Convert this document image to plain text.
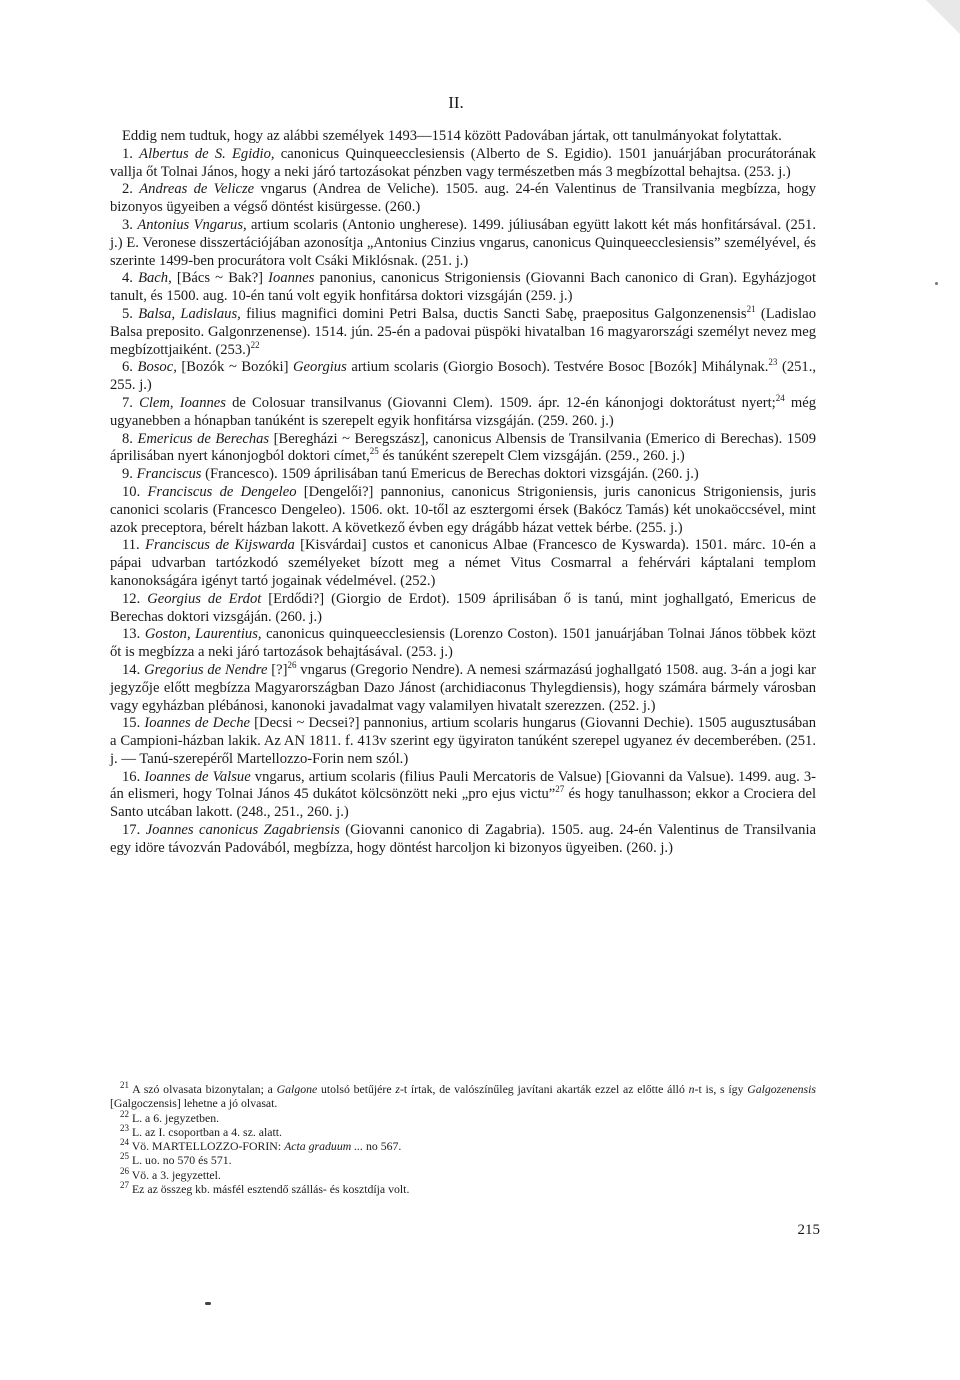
II.

Eddig nem tudtuk, hogy az alábbi személyek 1493—1514 között Padovában jártak, ott tanulmányokat folytattak.

1. Albertus de S. Egidio, canonicus Quinqueecclesiensis (Alberto de S. Egidio). 1501 januárjában procurátorának vallja őt Tolnai János, hogy a neki járó tartozásokat pénzben vagy természetben más 3 megbízottal behajtsa. (253. j.)

2. Andreas de Velicze vngarus (Andrea de Veliche). 1505. aug. 24-én Valentinus de Transilvania megbízza, hogy bizonyos ügyeiben a végső döntést kisürgesse. (260.)

3. Antonius Vngarus, artium scolaris (Antonio ungherese). 1499. júliusában együtt lakott két más honfitársával. (251. j.) E. Veronese disszertációjában azonosítja „Antonius Cinzius vngarus, canonicus Quinqueecclesiensis” személyével, és szerinte 1499-ben procurátora volt Csáki Miklósnak. (251. j.)

4. Bach, [Bács ~ Bak?] Ioannes panonius, canonicus Strigoniensis (Giovanni Bach canonico di Gran). Egyházjogot tanult, és 1500. aug. 10-én tanú volt egyik honfitársa doktori vizsgáján (259. j.)

5. Balsa, Ladislaus, filius magnifici domini Petri Balsa, ductis Sancti Sabę, praepositus Galgonzenensis$^{21}$ (Ladislao Balsa preposito. Galgonrzenense). 1514. jún. 25-én a padovai püspöki hivatalban 16 magyarországi személyt nevez meg megbízottjaiként. $(253.)^{22}$

6. Bosoc, [Bozók ~ Bozóki] Georgius artium scolaris (Giorgio Bosoch). Testvére Bosoc [Bozók] Mihálynak.$^{23}$ (251., 255. j.)

7. Clem, Ioannes de Colosuar transilvanus (Giovanni Clem). 1509. ápr. 12-én kánonjogi doktorátust nyert;$^{24}$ még ugyanebben a hónapban tanúként is szerepelt egyik honfitársa vizsgáján. (259. 260. j.)

8. Emericus de Berechas [Beregházi ~ Beregszász], canonicus Albensis de Transilvania (Emerico di Berechas). 1509 áprilisában nyert kánonjogból doktori címet,$^{25}$ és tanúként szerepelt Clem vizsgáján. (259., 260. j.)

9. Franciscus (Francesco). 1509 áprilisában tanú Emericus de Berechas doktori vizsgáján. (260. j.)

10. Franciscus de Dengeleo [Dengelői?] pannonius, canonicus Strigoniensis, juris canonicus Strigoniensis, juris canonici scolaris (Francesco Dengeleo). 1506. okt. 10-től az esztergomi érsek (Bakócz Tamás) két unokaöccsével, mint azok preceptora, bérelt házban lakott. A következő évben egy drágább házat vettek bérbe. (255. j.)

11. Franciscus de Kijswarda [Kisvárdai] custos et canonicus Albae (Francesco de Kyswarda). 1501. márc. 10-én a pápai udvarban tartózkodó személyeket bízott meg a német Vitus Cosmarral a fehérvári káptalani templom kanonokságára igényt tartó jogainak védelmével. (252.)

12. Georgius de Erdot [Erdődi?] (Giorgio de Erdot). 1509 áprilisában ő is tanú, mint joghallgató, Emericus de Berechas doktori vizsgáján. (260. j.)

13. Goston, Laurentius, canonicus quinqueecclesiensis (Lorenzo Coston). 1501 januárjában Tolnai János többek közt őt is megbízza a neki járó tartozások behajtásával. (253. j.)

14. Gregorius de Nendre [?]$^{26}$ vngarus (Gregorio Nendre). A nemesi származású joghallgató 1508. aug. 3-án a jogi kar jegyzője előtt megbízza Magyarországban Dazo Jánost (archidiaconus Thylegdiensis), hogy számára bármely városban vagy egyházban plébánosi, kanonoki javadalmat vagy valamilyen hivatalt szerezzen. (252. j.)

15. Ioannes de Deche [Decsi ~ Decsei?] pannonius, artium scolaris hungarus (Giovanni Dechie). 1505 augusztusában a Campioni-házban lakik. Az AN 1811. f. 413v szerint egy ügyiraton tanúként szerepel ugyanez év decemberében. (251. j. — Tanú-szerepéről Martellozzo-Forin nem szól.)

16. Ioannes de Valsue vngarus, artium scolaris (filius Pauli Mercatoris de Valsue) [Giovanni da Valsue). 1499. aug. 3-án elismeri, hogy Tolnai János 45 dukátot kölcsönzött neki „pro ejus victu”$^{27}$ és hogy tanulhasson; ekkor a Crociera del Santo utcában lakott. (248., 251., 260. j.)

17. Joannes canonicus Zagabriensis (Giovanni canonico di Zagabria). 1505. aug. 24-én Valentinus de Transilvania egy idöre távozván Padovából, megbízza, hogy döntést harcoljon ki bizonyos ügyeiben. (260. j.)

$^{21}$ A szó olvasata bizonytalan; a Galgone utolsó betűjére z-t írtak, de valószínűleg javítani akarták ezzel az előtte álló n-t is, s így Galgozenensis [Galgoczensis] lehetne a jó olvasat.

$^{22}$ L. a 6. jegyzetben.

$^{23}$ L. az I. csoportban a 4. sz. alatt.

$^{24}$ Vö. MARTELLOZZO-FORIN: Acta graduum ... no 567.

$^{25}$ L. uo. no 570 és 571.

$^{26}$ Vö. a 3. jegyzettel.

$^{27}$ Ez az összeg kb. másfél esztendő szállás- és kosztdíja volt.

215
